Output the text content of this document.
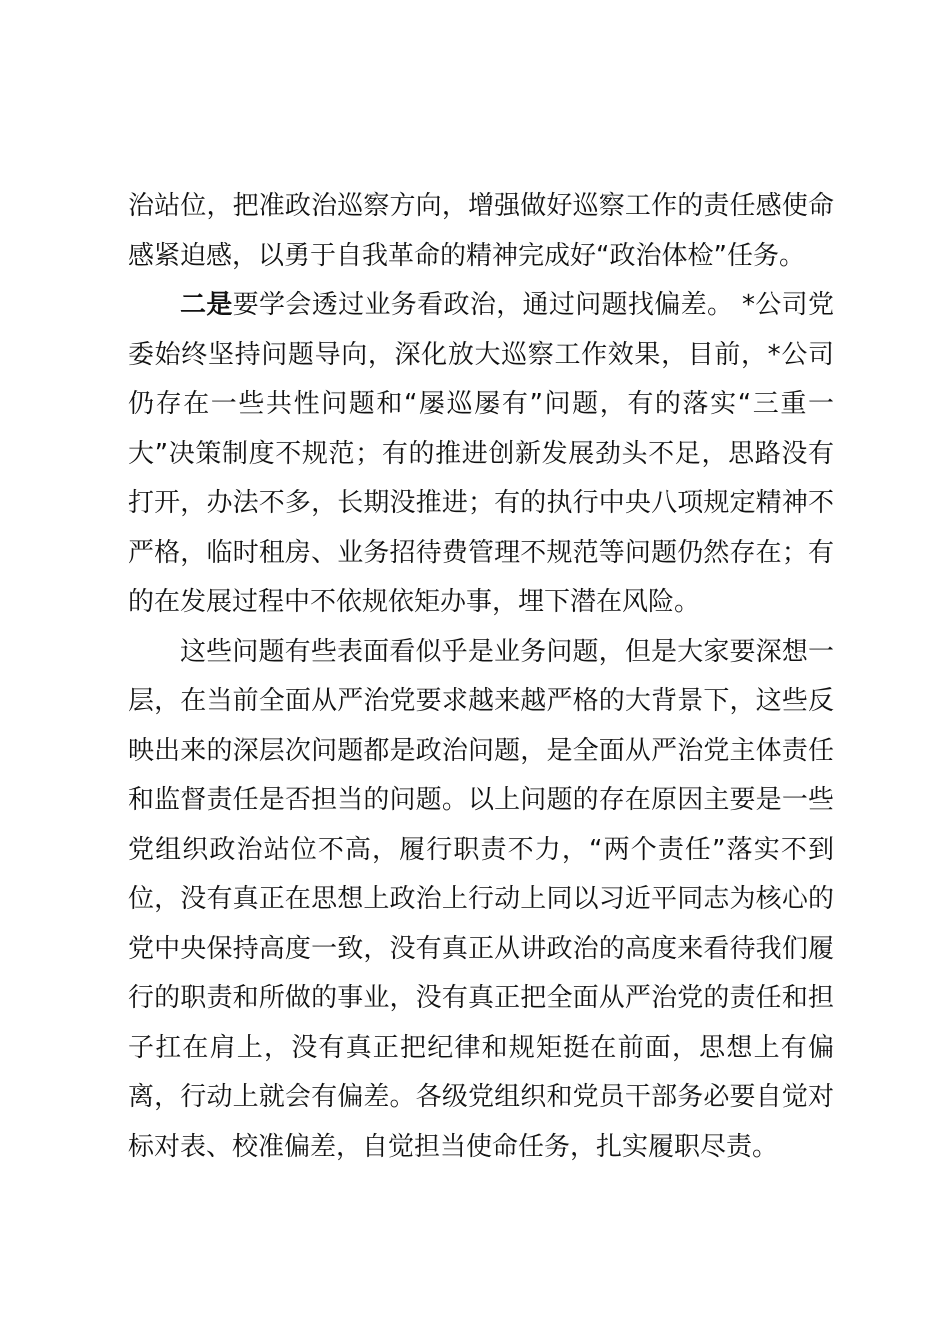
治站位，把准政治巡察方向，增强做好巡察工作的责任感使命感紧迫感，以勇于自我革命的精神完成好“政治体检”任务。

二是要学会透过业务看政治，通过问题找偏差。 *公司党委始终坚持问题导向，深化放大巡察工作效果，目前，*公司仍存在一些共性问题和“屡巡屡有”问题，有的落实“三重一大”决策制度不规范；有的推进创新发展劲头不足，思路没有打开，办法不多，长期没推进；有的执行中央八项规定精神不严格，临时租房、业务招待费管理不规范等问题仍然存在；有的在发展过程中不依规依矩办事，埋下潜在风险。

这些问题有些表面看似乎是业务问题，但是大家要深想一层，在当前全面从严治党要求越来越严格的大背景下，这些反映出来的深层次问题都是政治问题，是全面从严治党主体责任和监督责任是否担当的问题。以上问题的存在原因主要是一些党组织政治站位不高，履行职责不力，“两个责任”落实不到位，没有真正在思想上政治上行动上同以习近平同志为核心的党中央保持高度一致，没有真正从讲政治的高度来看待我们履行的职责和所做的事业，没有真正把全面从严治党的责任和担子扛在肩上，没有真正把纪律和规矩挺在前面，思想上有偏离，行动上就会有偏差。各级党组织和党员干部务必要自觉对标对表、校准偏差，自觉担当使命任务，扎实履职尽责。
